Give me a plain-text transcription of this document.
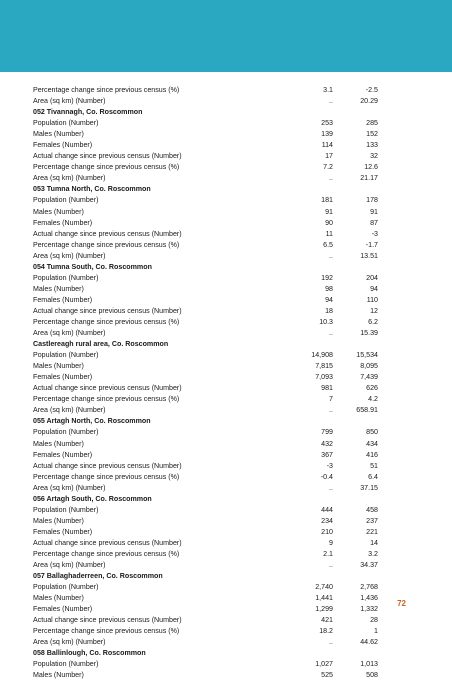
Percentage change since previous census (%)	3.1	-2.5
Area (sq km) (Number)	..	20.29
052 Tivannagh, Co. Roscommon
Population (Number)	253	285
Males (Number)	139	152
Females (Number)	114	133
Actual change since previous census (Number)	17	32
Percentage change since previous census (%)	7.2	12.6
Area (sq km) (Number)	..	21.17
053 Tumna North, Co. Roscommon
Population (Number)	181	178
Males (Number)	91	91
Females (Number)	90	87
Actual change since previous census (Number)	11	-3
Percentage change since previous census (%)	6.5	-1.7
Area (sq km) (Number)	..	13.51
054 Tumna South, Co. Roscommon
Population (Number)	192	204
Males (Number)	98	94
Females (Number)	94	110
Actual change since previous census (Number)	18	12
Percentage change since previous census (%)	10.3	6.2
Area (sq km) (Number)	..	15.39
Castlereagh rural area, Co. Roscommon
Population (Number)	14,908	15,534
Males (Number)	7,815	8,095
Females (Number)	7,093	7,439
Actual change since previous census (Number)	981	626
Percentage change since previous census (%)	7	4.2
Area (sq km) (Number)	..	658.91
055 Artagh North, Co. Roscommon
Population (Number)	799	850
Males (Number)	432	434
Females (Number)	367	416
Actual change since previous census (Number)	-3	51
Percentage change since previous census (%)	-0.4	6.4
Area (sq km) (Number)	..	37.15
056 Artagh South, Co. Roscommon
Population (Number)	444	458
Males (Number)	234	237
Females (Number)	210	221
Actual change since previous census (Number)	9	14
Percentage change since previous census (%)	2.1	3.2
Area (sq km) (Number)	..	34.37
057 Ballaghaderreen, Co. Roscommon
Population (Number)	2,740	2,768
Males (Number)	1,441	1,436
Females (Number)	1,299	1,332
Actual change since previous census (Number)	421	28
Percentage change since previous census (%)	18.2	1
Area (sq km) (Number)	..	44.62
058 Ballinlough, Co. Roscommon
Population (Number)	1,027	1,013
Males (Number)	525	508
72
